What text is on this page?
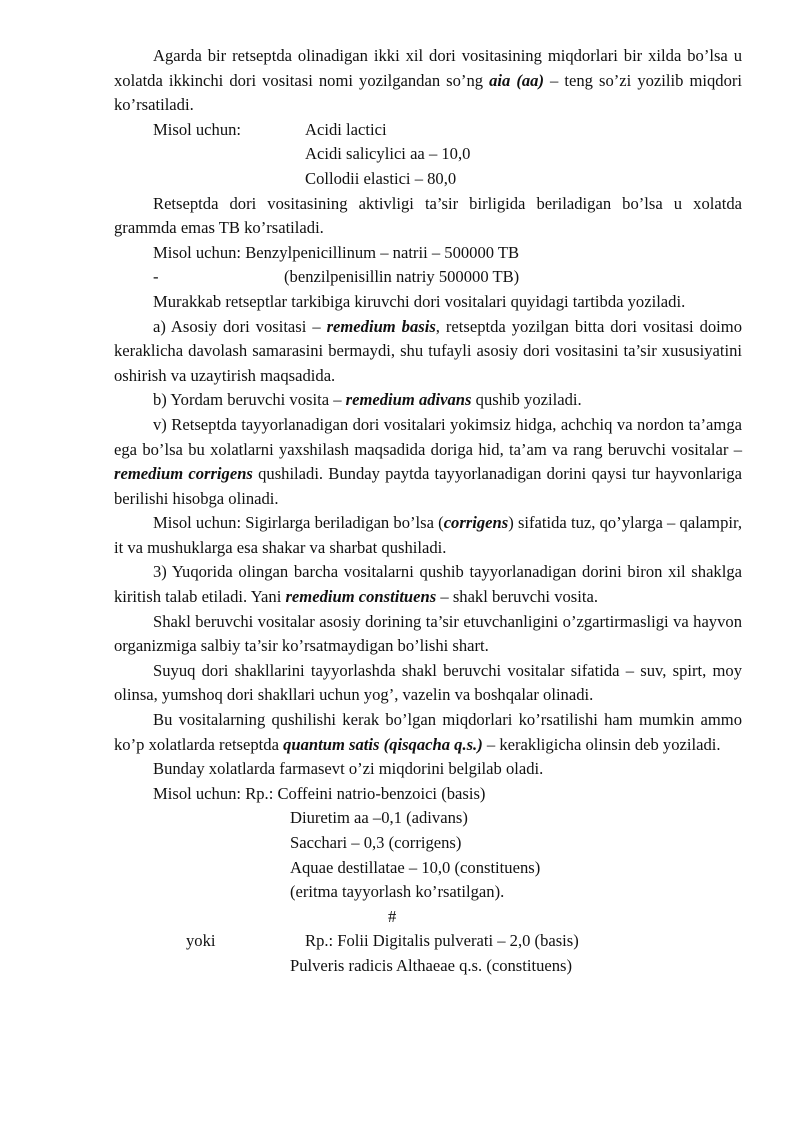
Agarda bir retseptda olinadigan ikki xil dori vositasining miqdorlari bir xilda bo’lsa u xolatda ikkinchi dori vositasi nomi yozilgandan so’ng aia (aa) – teng so’zi yozilib miqdori ko’rsatiladi.

Misol uchun:

	Acidi lactici

Acidi salicylici aa – 10,0

Collodii elastici – 80,0

Retseptda dori vositasining aktivligi ta’sir birligida beriladigan bo’lsa u xolatda grammda emas TB ko’rsatiladi.

Misol uchun: Benzylpenicillinum – natrii – 500000 TB

-

	(benzilpenisillin natriy 500000 TB)

Murakkab retseptlar tarkibiga kiruvchi dori vositalari quyidagi tartibda yoziladi.

a) Asosiy dori vositasi – remedium basis, retseptda yozilgan bitta dori vositasi doimo keraklicha davolash samarasini bermaydi, shu tufayli asosiy dori vositasini ta’sir xususiyatini oshirish va uzaytirish maqsadida.

b) Yordam beruvchi vosita – remedium adivans qushib yoziladi.

v) Retseptda tayyorlanadigan dori vositalari yokimsiz hidga, achchiq va nordon ta’amga ega bo’lsa bu xolatlarni yaxshilash maqsadida doriga hid, ta’am va rang beruvchi vositalar – remedium corrigens qushiladi. Bunday paytda tayyorlanadigan dorini qaysi tur hayvonlariga berilishi hisobga olinadi.

Misol uchun: Sigirlarga beriladigan bo’lsa (corrigens) sifatida tuz, qo’ylarga – qalampir, it va mushuklarga esa shakar va sharbat qushiladi.

3) Yuqorida olingan barcha vositalarni qushib tayyorlanadigan dorini biron xil shaklga kiritish talab etiladi. Yani remedium constituens – shakl beruvchi vosita.

Shakl beruvchi vositalar asosiy dorining ta’sir etuvchanligini o’zgartirmasligi va hayvon organizmiga salbiy ta’sir ko’rsatmaydigan bo’lishi shart.

Suyuq dori shakllarini tayyorlashda shakl beruvchi vositalar sifatida – suv, spirt, moy olinsa, yumshoq dori shakllari uchun yog’, vazelin va boshqalar olinadi.

Bu vositalarning qushilishi kerak bo’lgan miqdorlari ko’rsatilishi ham mumkin ammo ko’p xolatlarda retseptda quantum satis (qisqacha q.s.) – kerakligicha olinsin deb yoziladi.

Bunday xolatlarda farmasevt o’zi miqdorini belgilab oladi.

Misol uchun: Rp.: Coffeini natrio-benzoici (basis)

Diuretim aa –0,1 (adivans)

Sacchari – 0,3 (corrigens)

Aquae destillatae – 10,0 (constituens)

(eritma tayyorlash ko’rsatilgan).

#

yoki

	Rp.: Folii Digitalis pulverati – 2,0 (basis)

Pulveris radicis Althaeae q.s. (constituens)
